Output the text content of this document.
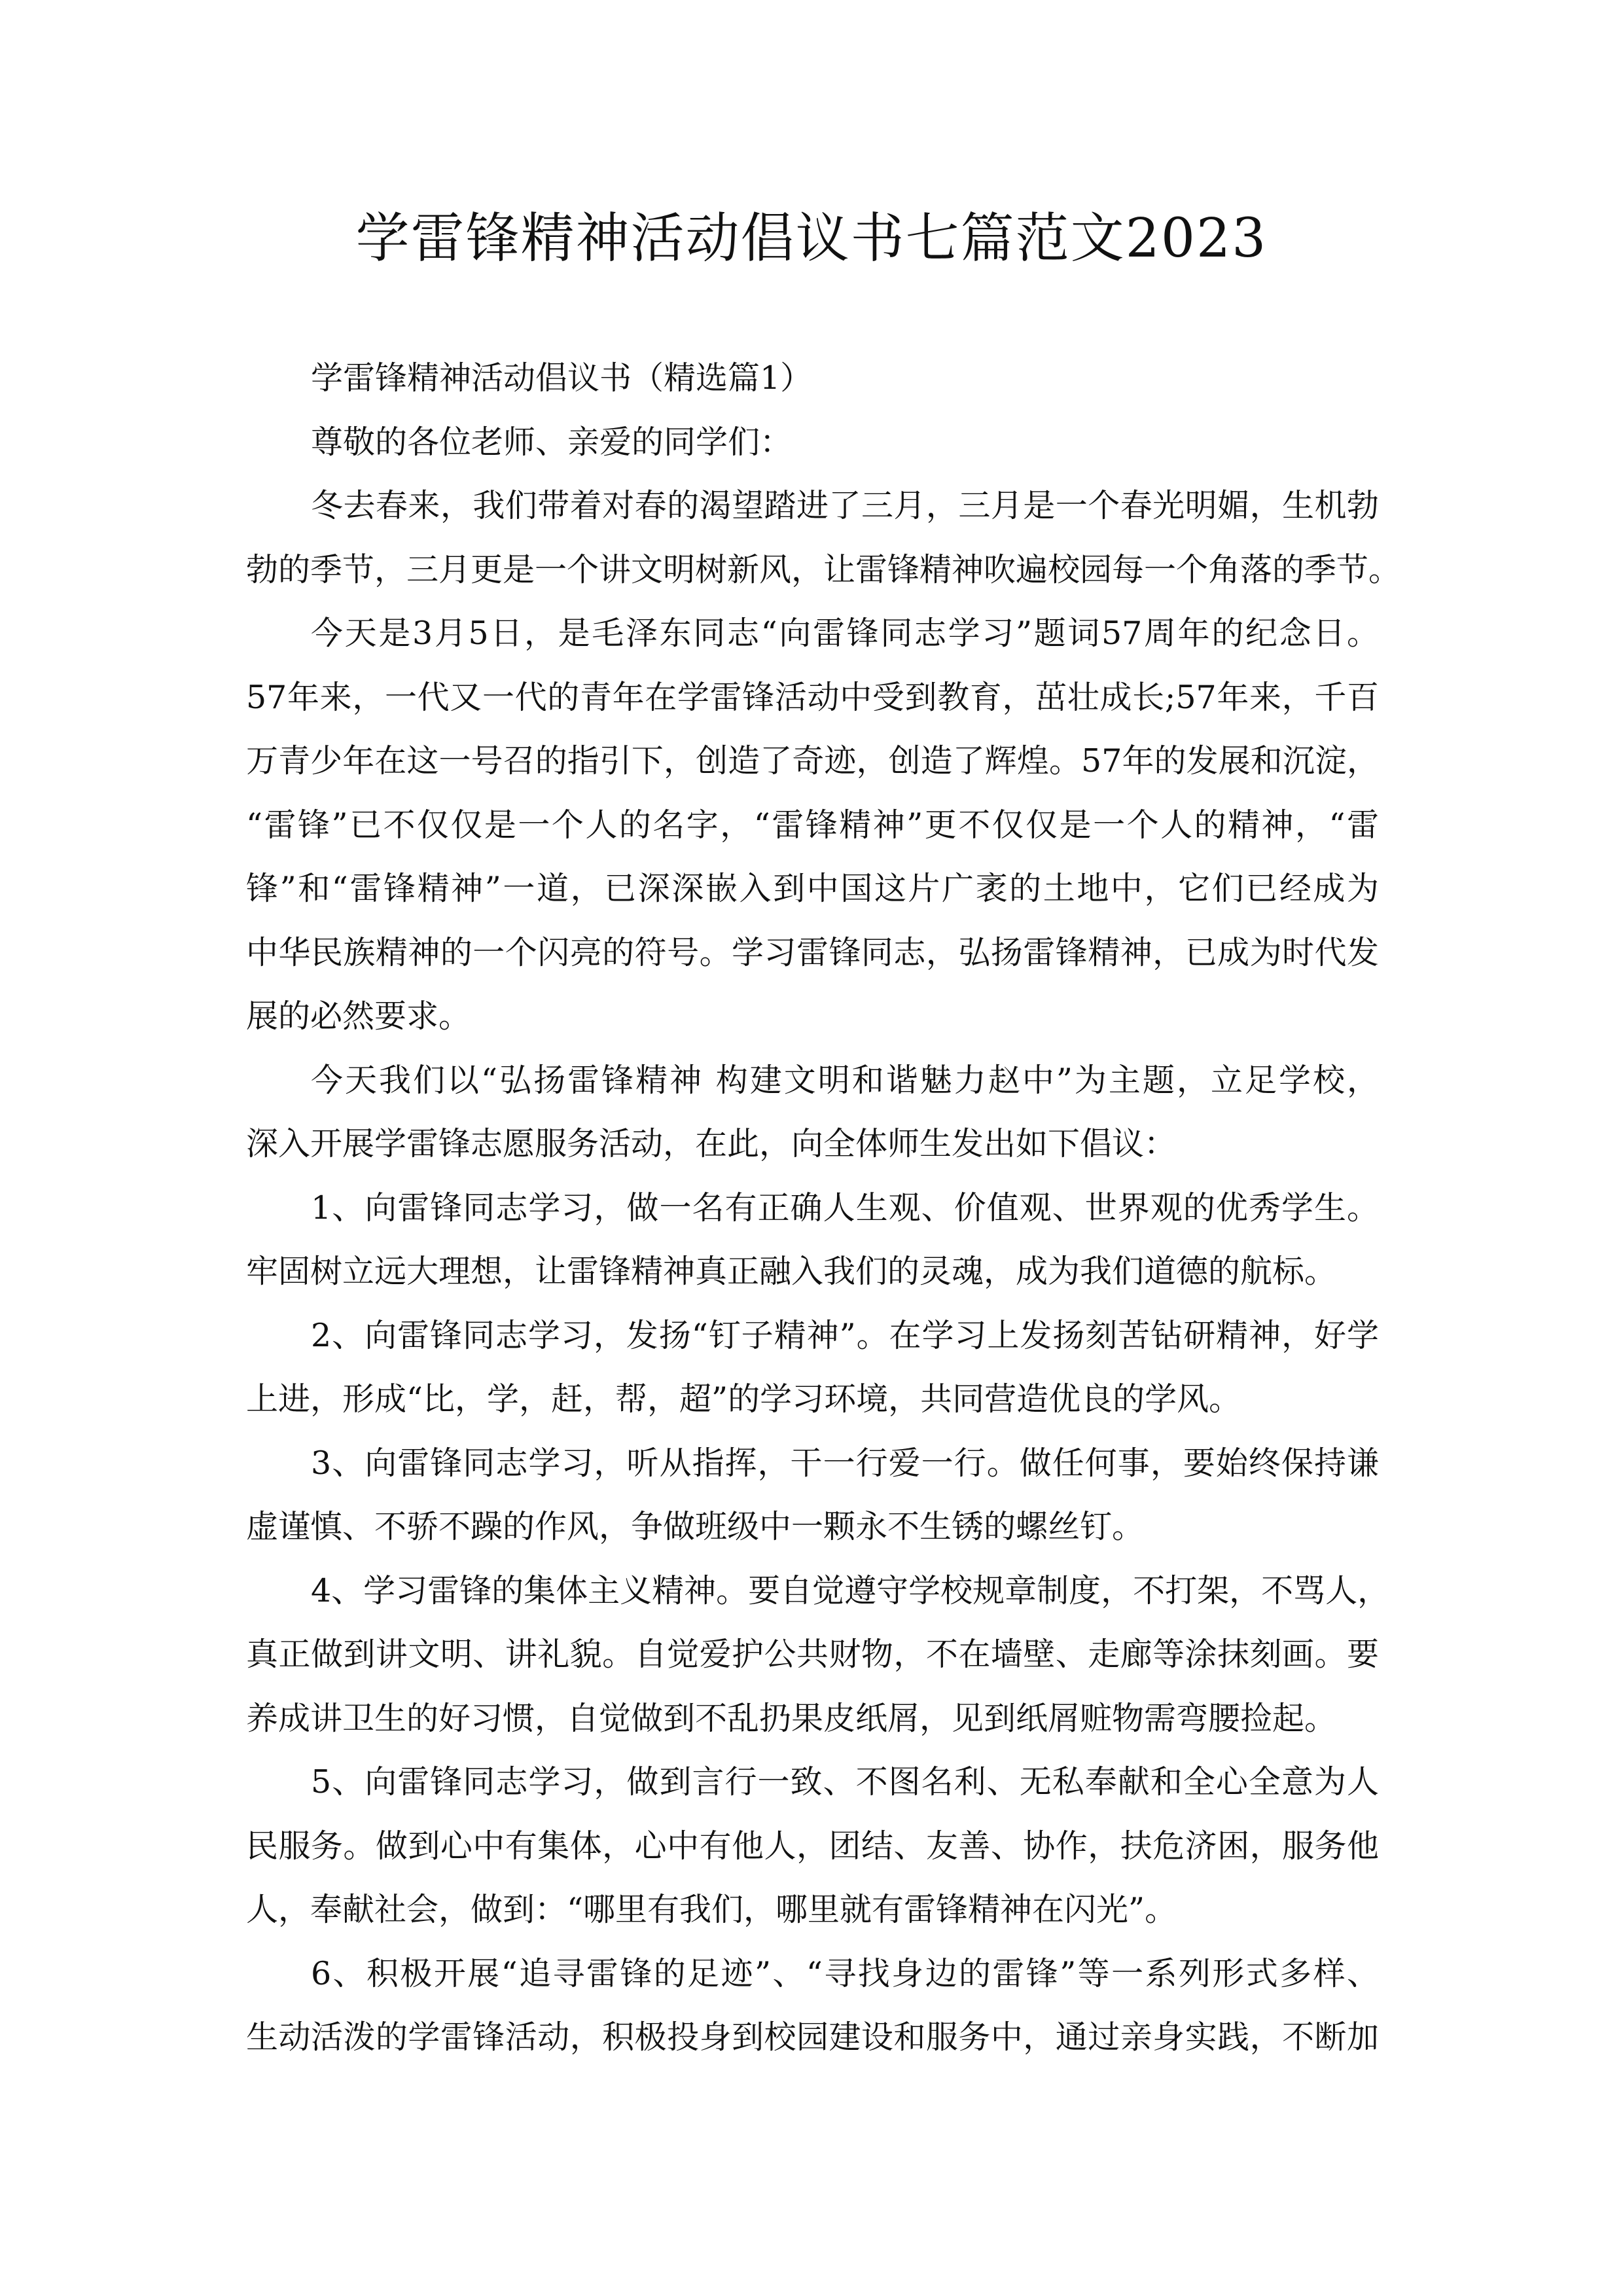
学雷锋精神活动倡议书七篇范文2023
学雷锋精神活动倡议书（精选篇1）
尊敬的各位老师、亲爱的同学们：
冬去春来，我们带着对春的渴望踏进了三月，三月是一个春光明媚，生机勃
勃的季节，三月更是一个讲文明树新风，让雷锋精神吹遍校园每一个角落的季节。
今天是3月5日，是毛泽东同志“向雷锋同志学习”题词57周年的纪念日。
57年来，一代又一代的青年在学雷锋活动中受到教育，茁壮成长;57年来，千百
万青少年在这一号召的指引下，创造了奇迹，创造了辉煌。57年的发展和沉淀，
“雷锋”已不仅仅是一个人的名字，“雷锋精神”更不仅仅是一个人的精神，“雷
锋”和“雷锋精神”一道，已深深嵌入到中国这片广袤的土地中，它们已经成为
中华民族精神的一个闪亮的符号。学习雷锋同志，弘扬雷锋精神，已成为时代发
展的必然要求。
今天我们以“弘扬雷锋精神 构建文明和谐魅力赵中”为主题，立足学校，
深入开展学雷锋志愿服务活动，在此，向全体师生发出如下倡议：
1、向雷锋同志学习，做一名有正确人生观、价值观、世界观的优秀学生。
牢固树立远大理想，让雷锋精神真正融入我们的灵魂，成为我们道德的航标。
2、向雷锋同志学习，发扬“钉子精神”。在学习上发扬刻苦钻研精神，好学
上进，形成“比，学，赶，帮，超”的学习环境，共同营造优良的学风。
3、向雷锋同志学习，听从指挥，干一行爱一行。做任何事，要始终保持谦
虚谨慎、不骄不躁的作风，争做班级中一颗永不生锈的螺丝钉。
4、学习雷锋的集体主义精神。要自觉遵守学校规章制度，不打架，不骂人，
真正做到讲文明、讲礼貌。自觉爱护公共财物，不在墙壁、走廊等涂抹刻画。要
养成讲卫生的好习惯，自觉做到不乱扔果皮纸屑，见到纸屑赃物需弯腰捡起。
5、向雷锋同志学习，做到言行一致、不图名利、无私奉献和全心全意为人
民服务。做到心中有集体，心中有他人，团结、友善、协作，扶危济困，服务他
人，奉献社会，做到：“哪里有我们，哪里就有雷锋精神在闪光”。
6、积极开展“追寻雷锋的足迹”、“寻找身边的雷锋”等一系列形式多样、
生动活泼的学雷锋活动，积极投身到校园建设和服务中，通过亲身实践，不断加
